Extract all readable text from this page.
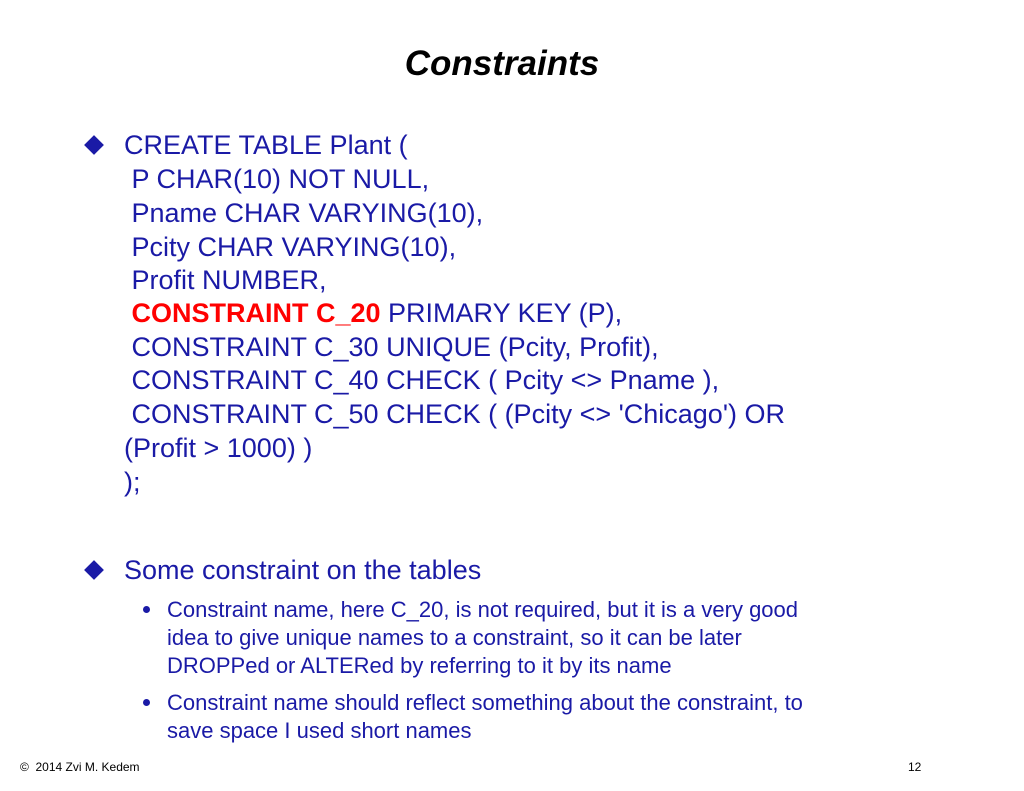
Constraints
CREATE TABLE Plant (
P CHAR(10) NOT NULL,
Pname CHAR VARYING(10),
Pcity CHAR VARYING(10),
Profit NUMBER,
CONSTRAINT C_20 PRIMARY KEY (P),
CONSTRAINT C_30 UNIQUE (Pcity, Profit),
CONSTRAINT C_40 CHECK ( Pcity <> Pname ),
CONSTRAINT C_50 CHECK ( (Pcity <> 'Chicago') OR
(Profit > 1000) )
);
Some constraint on the tables
Constraint name, here C_20, is not required, but it is a very good
idea to give unique names to a constraint, so it can be later
DROPPed or ALTERed by referring to it by its name
Constraint name should reflect something about the constraint, to
save space I used short names
©  2014 Zvi M. Kedem	12
